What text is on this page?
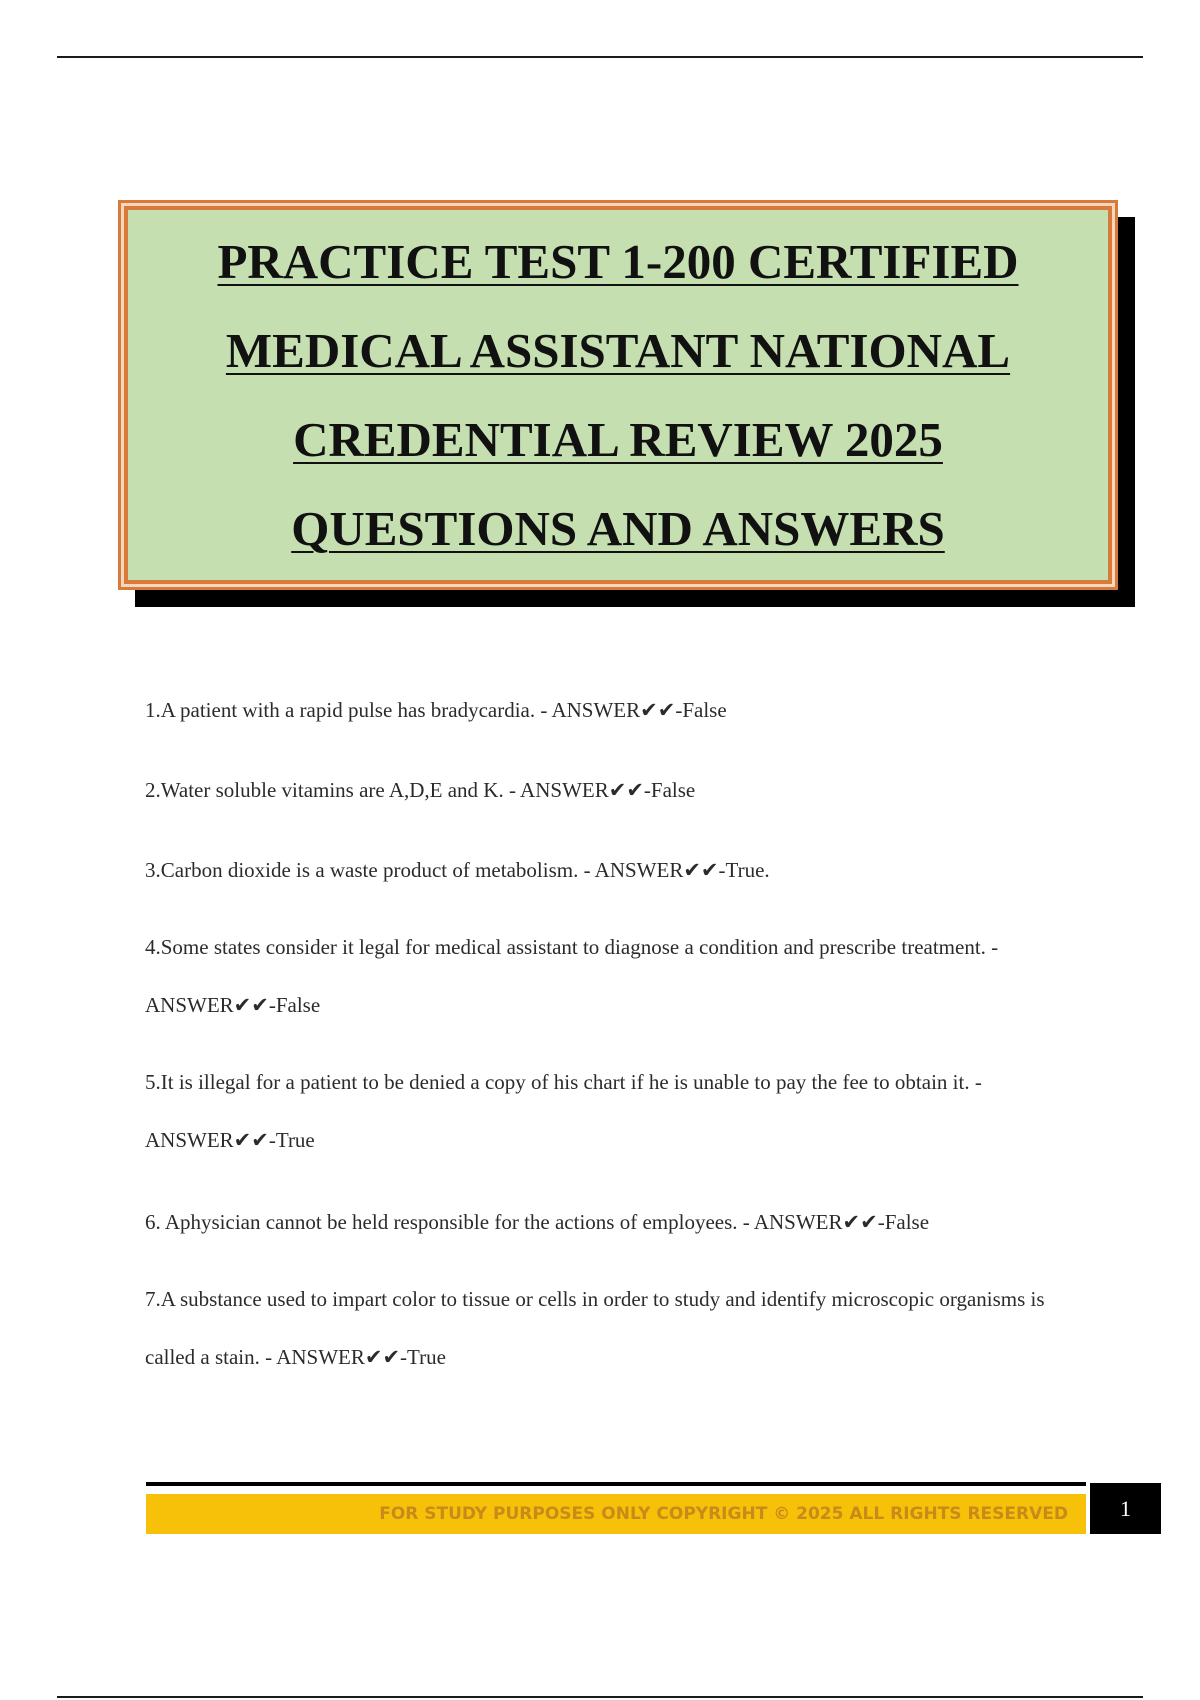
PRACTICE TEST 1-200 CERTIFIED
MEDICAL ASSISTANT NATIONAL
CREDENTIAL REVIEW 2025
QUESTIONS AND ANSWERS

1.A patient with a rapid pulse has bradycardia. - ANSWER✔✔-False

2.Water soluble vitamins are A,D,E and K. - ANSWER✔✔-False

3.Carbon dioxide is a waste product of metabolism. - ANSWER✔✔-True.

4.Some states consider it legal for medical assistant to diagnose a condition and prescribe treatment. - ANSWER✔✔-False

5.It is illegal for a patient to be denied a copy of his chart if he is unable to pay the fee to obtain it. - ANSWER✔✔-True

6. Aphysician cannot be held responsible for the actions of employees. - ANSWER✔✔-False

7.A substance used to impart color to tissue or cells in order to study and identify microscopic organisms is called a stain. - ANSWER✔✔-True

FOR STUDY PURPOSES ONLY COPYRIGHT © 2025 ALL RIGHTS RESERVED	1
